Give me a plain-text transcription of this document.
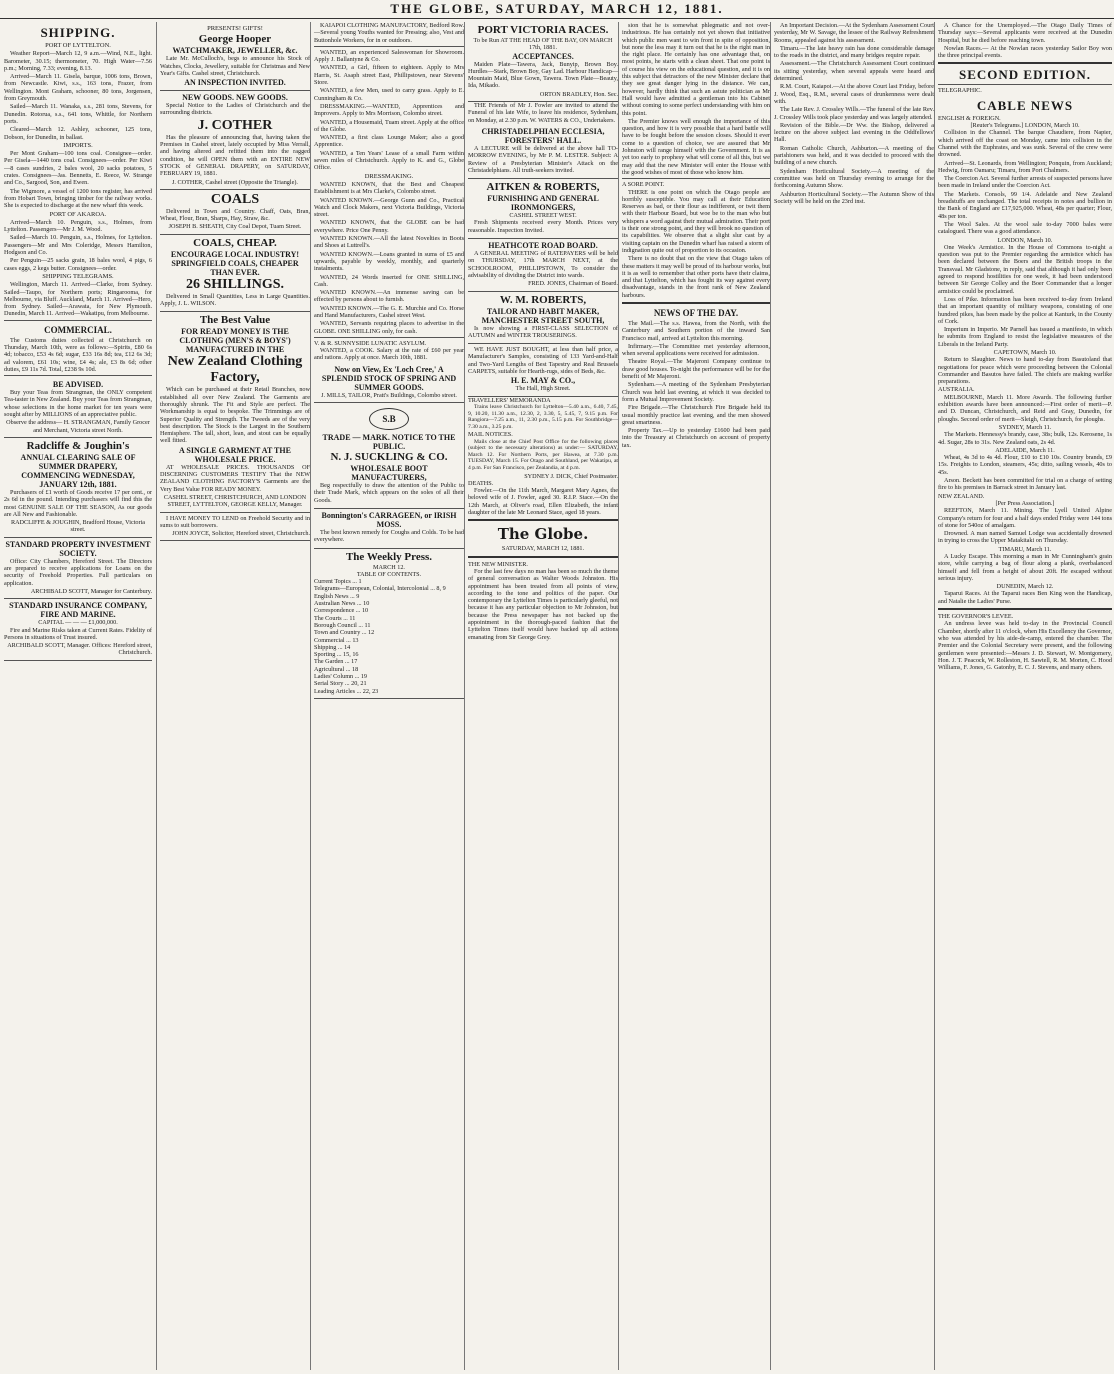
THE GLOBE, SATURDAY, MARCH 12, 1881.
SHIPPING.
PORT OF LYTTELTON.

Weather Report—March 12, 9 a.m.—Wind, N.E., light. Barometer, 30.15; thermometer, 70. High Water—7.56 p.m.; Morning, 7.33; evening, 8.13.

Arrived—March 11. Gisela, barque, 1006 tons, Brown, from Newcastle. Kiwi, s.s., 163 tons, Frazer, from Wellington. Mont Graham, schooner, 80 tons, Jorgensen, from Greymouth.

Sailed—March 11. Wanaka, s.s., 281 tons, Stevens, for Dunedin. Rotorua, s.s., 641 tons, Whittle, for Northern ports.

Cleared—March 12. Ashley, schooner, 125 tons, Dobson, for Dunedin, in ballast.

IMPORTS.

Per Mont Graham—100 tons coal. Consignee—order. Per Gisela—1440 tons coal. Consignees—order. Per Kiwi—8 cases sundries, 2 bales wool, 20 sacks potatoes, 5 crates. Consignees—Jas. Bennetts, E. Reece, W. Strange and Co., Sargood, Son, and Ewen.

The Wigmore, a vessel of 1200 tons register, has arrived from Hobart Town, bringing timber for the railway works. She is expected to discharge at the new wharf this week.

PORT OF AKAROA.

Arrived—March 10. Penguin, s.s., Holmes, from Lyttelton. Passengers—Mr J. M. Wood.

Sailed—March 10. Penguin, s.s., Holmes, for Lyttelton. Passengers—Mr and Mrs Coleridge, Messrs Hamilton, Hodgson and Co.

Per Penguin—25 sacks grain, 18 bales wool, 4 pigs, 6 cases eggs, 2 kegs butter. Consignees—order.

SHIPPING TELEGRAMS.

Wellington, March 11. Arrived—Clarke, from Sydney. Sailed—Taupo, for Northern ports; Ringarooma, for Melbourne, via Bluff. Auckland, March 11. Arrived—Hero, from Sydney. Sailed—Arawata, for New Plymouth. Dunedin, March 11. Arrived—Wakatipu, from Melbourne.

COMMERCIAL.

The Customs duties collected at Christchurch on Thursday, March 10th, were as follows:—Spirits, £80 6s 4d; tobacco, £53 4s 6d; sugar, £33 16s 8d; tea, £12 6s 3d; ad valorem, £61 10s; wine, £4 4s; ale, £3 8s 6d; other duties, £9 11s 7d. Total, £238 9s 10d.

BE ADVISED.

Buy your Teas from Strangman, the ONLY competent Tea-taster in New Zealand. Buy your Teas from Strangman, whose selections in the home market for ten years were sought after by MILLIONS of an appreciative public.

Observe the address— H. STRANGMAN, Family Grocer and Merchant, Victoria street North.
Radcliffe & Joughin's
ANNUAL CLEARING SALE OF SUMMER DRAPERY,
COMMENCING WEDNESDAY, JANUARY 12th, 1881.

Purchasers of £1 worth of Goods receive 17 per cent., or 2s 6d in the pound. Intending purchasers will find this the most GENUINE SALE OF THE SEASON, As our goods are All New and Fashionable.

RADCLIFFE & JOUGHIN, Bradford House, Victoria street.
STANDARD PROPERTY INVESTMENT SOCIETY.

Office: City Chambers, Hereford Street. The Directors are prepared to receive applications for Loans on the security of Freehold Properties. Full particulars on application.

ARCHIBALD SCOTT, Manager for Canterbury.
STANDARD INSURANCE COMPANY, FIRE AND MARINE.
CAPITAL — — — £1,000,000.

Fire and Marine Risks taken at Current Rates. Fidelity of Persons in situations of Trust insured.

ARCHIBALD SCOTT, Manager. Offices: Hereford street, Christchurch.
PRESENTS! GIFTS!
George Hooper
WATCHMAKER, JEWELLER, &c.

Late Mr. McCulloch's, begs to announce his Stock of Watches, Clocks, Jewellery, suitable for Christmas and New Year's Gifts. Cashel street, Christchurch.

AN INSPECTION INVITED.
NEW GOODS. NEW GOODS.

Special Notice to the Ladies of Christchurch and the surrounding districts.

J. COTHER

Has the pleasure of announcing that, having taken the Premises in Cashel street, lately occupied by Miss Verrall, and having altered and refitted them into the ragged condition, he will OPEN them with an ENTIRE NEW STOCK of GENERAL DRAPERY, on SATURDAY, FEBRUARY 19, 1881.

J. COTHER, Cashel street (Opposite the Triangle).
COALS

Delivered in Town and Country. Chaff, Oats, Bran, Wheat, Flour, Bran, Sharps, Hay, Straw, &c.

JOSEPH B. SHEATH, City Coal Depot, Tuam Street.
COALS, CHEAP.
ENCOURAGE LOCAL INDUSTRY! SPRINGFIELD COALS, CHEAPER THAN EVER.
26 SHILLINGS.

Delivered in Small Quantities, Less in Large Quantities. Apply, J. L. WILSON.

The Best Value
FOR READY MONEY IS THE CLOTHING (MEN'S & BOYS') MANUFACTURED IN THE
New Zealand Clothing Factory,

Which can be purchased at their Retail Branches, now established all over New Zealand. The Garments are thoroughly shrunk. The Fit and Style are perfect. The Workmanship is equal to bespoke. The Trimmings are of Superior Quality and Strength. The Tweeds are of the very best description. The Stock is the Largest in the Southern Hemisphere. The tall, short, lean, and stout can be equally well fitted.

A SINGLE GARMENT AT THE WHOLESALE PRICE.

AT WHOLESALE PRICES. THOUSANDS OF DISCERNING CUSTOMERS TESTIFY That the NEW ZEALAND CLOTHING FACTORY'S Garments are the Very Best Value FOR READY MONEY.

CASHEL STREET, CHRISTCHURCH, AND LONDON STREET, LYTTELTON, GEORGE KELLY, Manager.

I HAVE MONEY TO LEND on Freehold Security and in sums to suit borrowers.

JOHN JOYCE, Solicitor, Hereford street, Christchurch.

KAIAPOI CLOTHING MANUFACTORY, Bedford Row.—Several young Youths wanted for Pressing; also, Vest and Buttonhole Workers, for in or outdoors.

WANTED, an experienced Saleswoman for Showroom. Apply J. Ballantyne & Co.

WANTED, a Girl, fifteen to eighteen. Apply to Mrs Harris, St. Asaph street East, Phillipstown, near Stevens' Store.

WANTED, a few Men, used to carry grass. Apply to E. Cunningham & Co.

DRESSMAKING.—WANTED, Apprentices and Improvers. Apply to Mrs Morrison, Colombo street.

WANTED, a Housemaid, Tuam street. Apply at the office of the Globe.

WANTED, a first class Lounge Maker; also a good Apprentice.

WANTED, a Ten Years' Lease of a small Farm within seven miles of Christchurch. Apply to K. and G., Globe Office.

DRESSMAKING.

WANTED KNOWN, that the Best and Cheapest Establishment is at Mrs Clarke's, Colombo street.

WANTED KNOWN.—George Gunn and Co., Practical Watch and Clock Makers, next Victoria Buildings, Victoria street.

WANTED KNOWN, that the GLOBE can be had everywhere. Price One Penny.

WANTED KNOWN.—All the latest Novelties in Boots and Shoes at Luttrell's.

WANTED KNOWN.—Loans granted in sums of £5 and upwards, payable by weekly, monthly, and quarterly instalments.

WANTED, 24 Words inserted for ONE SHILLING, Cash.

WANTED KNOWN.—An immense saving can be effected by persons about to furnish.

WANTED KNOWN.—The G. E. Murchie and Co. Horse and Hand Manufacturers, Cashel street West.

WANTED, Servants requiring places to advertise in the GLOBE. ONE SHILLING only, for cash.

V. & R. SUNNYSIDE LUNATIC ASYLUM.

WANTED, a COOK. Salary at the rate of £60 per year and rations. Apply at once. March 10th, 1881.

Now on View, Ex 'Loch Cree,' A SPLENDID STOCK OF SPRING AND SUMMER GOODS.
J. MILLS, TAILOR, Pratt's Buildings, Colombo street.
S.B
TRADE — MARK. NOTICE TO THE PUBLIC.
N. J. SUCKLING & CO.
WHOLESALE BOOT MANUFACTURERS,

Beg respectfully to draw the attention of the Public to their Trade Mark, which appears on the soles of all their Goods.

Bonnington's CARRAGEEN, or IRISH MOSS.

The best known remedy for Coughs and Colds. To be had everywhere.

The Weekly Press.
MARCH 12.
TABLE OF CONTENTS.
Current Topics ... 1
Telegrams—European, Colonial, Intercolonial ... 8, 9
English News ... 9
Australian News ... 10
Correspondence ... 10
The Courts ... 11
Borough Council ... 11
Town and Country ... 12
Commercial ... 13
Shipping ... 14
Sporting ... 15, 16
The Garden ... 17
Agricultural ... 18
Ladies' Column ... 19
Serial Story ... 20, 21
Leading Articles ... 22, 23
PORT VICTORIA RACES.
To be Run AT THE HEAD OF THE BAY, ON MARCH 17th, 1881.
ACCEPTANCES.

Maiden Plate—Tawera, Jack, Bunyip, Brown Boy. Hurdles—Stark, Brown Boy, Gay Lad. Harbour Handicap—Mountain Maid, Blue Gown, Tawera. Town Plate—Beauty, Ida, Mikado.

ORTON BRADLEY, Hon. Sec.

THE Friends of Mr J. Fowler are invited to attend the Funeral of his late Wife, to leave his residence, Sydenham, on Monday, at 2.30 p.m. W. WATERS & CO., Undertakers.

CHRISTADELPHIAN ECCLESIA, FORESTERS' HALL.

A LECTURE will be delivered at the above hall TO-MORROW EVENING, by Mr P. M. LESTER. Subject: A Review of a Presbyterian Minister's Attack on the Christadelphians. All truth-seekers invited.

AITKEN & ROBERTS,
FURNISHING AND GENERAL IRONMONGERS,
CASHEL STREET WEST.

Fresh Shipments received every Month. Prices very reasonable. Inspection Invited.

HEATHCOTE ROAD BOARD.

A GENERAL MEETING of RATEPAYERS will be held on THURSDAY, 17th MARCH NEXT, at the SCHOOLROOM, PHILLIPSTOWN, To consider the advisability of dividing the District into wards.

FRED. JONES, Chairman of Board.
W. M. ROBERTS,
TAILOR AND HABIT MAKER, MANCHESTER STREET SOUTH,

Is now showing a FIRST-CLASS SELECTION of AUTUMN and WINTER TROUSERINGS.

WE HAVE JUST BOUGHT, at less than half price, a Manufacturer's Samples, consisting of 133 Yard-and-Half and Two-Yard Lengths of Best Tapestry and Real Brussels CARPETS, suitable for Hearth-rugs, sides of Beds, &c.

H. E. MAY & CO.,
The Hall, High Street.
TRAVELLERS' MEMORANDA

Trains leave Christchurch for Lyttelton—5.40 a.m., 6.40, 7.45, 9, 10.20, 11.30 a.m., 12.30, 2, 3.30, 5, 5.45, 7, 9.15 p.m. For Rangiora—7.25 a.m., 11, 2.30 p.m., 5.15 p.m. For Southbridge—7.30 a.m., 3.25 p.m.

MAIL NOTICES.

Mails close at the Chief Post Office for the following places (subject to the necessary alterations) as under:— SATURDAY, March 12. For Northern Ports, per Hawea, at 7.30 p.m. TUESDAY, March 15. For Otago and Southland, per Wakatipu, at 4 p.m. For San Francisco, per Zealandia, at 4 p.m.

SYDNEY J. DICK, Chief Postmaster.
DEATHS.

Fowler.—On the 11th March, Margaret Mary Agnes, the beloved wife of J. Fowler, aged 30. R.I.P. Stace.—On the 12th March, at Oliver's road, Ellen Elizabeth, the infant daughter of the late Mr Leonard Stace, aged 18 years.

The Globe.
SATURDAY, MARCH 12, 1881.
THE NEW MINISTER.

For the last few days no man has been so much the theme of general conversation as Walter Woods Johnston. His appointment has been treated from all points of view, according to the tone and politics of the paper. Our contemporary the Lyttelton Times is particularly gleeful, not because it has any particular objection to Mr Johnston, but because the Press newspaper has not backed up the appointment in the thorough-paced fashion that the Lyttelton Times itself would have backed up all actions emanating from Sir George Grey.

sion that he is somewhat phlegmatic and not over-industrious. He has certainly not yet shown that initiative which public men want to win front in spite of opposition, but none the less may it turn out that he is the right man in the right place. He certainly has one advantage that, on most points, he starts with a clean sheet. That one point is of course his view on the educational question, and it is on this subject that detractors of the new Minister declare that they see great danger lying in the distance. We can, however, hardly think that such an astute politician as Mr Hall would have admitted a gentleman into his Cabinet without coming to some perfect understanding with him on this point.

The Premier knows well enough the importance of this question, and how it is very possible that a hard battle will have to be fought before the session closes. Should it ever come to a question of choice, we are assured that Mr Johnston will range himself with the Government. It is as yet too early to prophesy what will come of all this, but we may add that the new Minister will enter the House with the good wishes of most of those who know him.

A SORE POINT.

THERE is one point on which the Otago people are horribly susceptible. You may call at their Education Reserves as bad, or their flour as indifferent, or twit them with their Harbour Board, but woe be to the man who but whispers a word against their mutual admiration. Their port is their one strong point, and they will brook no question of its capabilities. We observe that a slight slur cast by a visiting captain on the Dunedin wharf has raised a storm of indignation quite out of proportion to its occasion.

There is no doubt that on the view that Otago takes of these matters it may well be proud of its harbour works, but it is as well to remember that other ports have their claims, and that Lyttelton, which has fought its way against every disadvantage, stands in the front rank of New Zealand harbours.

NEWS OF THE DAY.

The Mail.—The s.s. Hawea, from the North, with the Canterbury and Southern portion of the inward San Francisco mail, arrived at Lyttelton this morning.

Infirmary.—The Committee met yesterday afternoon, when several applications were received for admission.

Theatre Royal.—The Majeroni Company continue to draw good houses. To-night the performance will be for the benefit of Mr Majeroni.

Sydenham.—A meeting of the Sydenham Presbyterian Church was held last evening, at which it was decided to form a Mutual Improvement Society.

Fire Brigade.—The Christchurch Fire Brigade held its usual monthly practice last evening, and the men showed great smartness.

Property Tax.—Up to yesterday £1600 had been paid into the Treasury at Christchurch on account of property tax.

An Important Decision.—At the Sydenham Assessment Court yesterday, Mr W. Savage, the lessee of the Railway Refreshment Rooms, appealed against his assessment.

Timaru.—The late heavy rain has done considerable damage to the roads in the district, and many bridges require repair.

Assessment.—The Christchurch Assessment Court continued its sitting yesterday, when several appeals were heard and determined.

R.M. Court, Kaiapoi.—At the above Court last Friday, before J. Wood, Esq., R.M., several cases of drunkenness were dealt with.

The Late Rev. J. Crossley Wills.—The funeral of the late Rev. J. Crossley Wills took place yesterday and was largely attended.

Revision of the Bible.—Dr Ww. the Bishop, delivered a lecture on the above subject last evening in the Oddfellows' Hall.

Roman Catholic Church, Ashburton.—A meeting of the parishioners was held, and it was decided to proceed with the building of a new church.

Sydenham Horticultural Society.—A meeting of the committee was held on Thursday evening to arrange for the forthcoming Autumn Show.

Ashburton Horticultural Society.—The Autumn Show of this Society will be held on the 23rd inst.

A Chance for the Unemployed.—The Otago Daily Times of Thursday says:—Several applicants were received at the Dunedin Hospital, but he died before reaching town.

Nowlan Races.— At the Nowlan races yesterday Sailor Boy won the three principal events.

SECOND EDITION.
TELEGRAPHIC.
CABLE NEWS
ENGLISH & FOREIGN.
[Reuter's Telegrams.] LONDON, March 10.

Collision in the Channel. The barque Chaudiere, from Napier, which arrived off the coast on Monday, came into collision in the Channel with the Euphrates, and was sunk. Several of the crew were drowned.

Arrived—St. Leonards, from Wellington; Ponquin, from Auckland; Hedwig, from Oamaru; Timaru, from Port Chalmers.

The Coercion Act. Several further arrests of suspected persons have been made in Ireland under the Coercion Act.

The Markets. Consols, 99 1/4. Adelaide and New Zealand breadstuffs are unchanged. The total receipts in notes and bullion in the Bank of England are £17,925,000. Wheat, 48s per quarter; Flour, 48s per ton.

The Wool Sales. At the wool sale to-day 7000 bales were catalogued. There was a good attendance.

LONDON, March 10.

One Week's Armistice. In the House of Commons to-night a question was put to the Premier regarding the armistice which has been declared between the Boers and the British troops in the Transvaal. Mr Gladstone, in reply, said that although it had only been agreed to respond hostilities for one week, it had been understood between Sir George Colley and the Boer Commander that a longer armistice could be proclaimed.

Loss of Pike. Information has been received to-day from Ireland that an important quantity of military weapons, consisting of one hundred pikes, has been made by the police at Kanturk, in the County of Cork.

Imperium in Imperio. Mr Parnell has issued a manifesto, in which he submits from England to resist the legislative measures of the Liberals in the Ireland Party.

CAPETOWN, March 10.

Return to Slaughter. News to hand to-day from Basutoland that negotiations for peace which were proceeding between the Colonial Commander and Basutos have failed. The chiefs are making warlike preparations.

AUSTRALIA.

MELBOURNE, March 11. More Awards. The following further exhibition awards have been announced:—First order of merit—P. and D. Duncan, Christchurch, and Reid and Gray, Dunedin, for ploughs. Second order of merit—Sleigh, Christchurch, for ploughs.

SYDNEY, March 11.

The Markets. Hennessy's brandy, case, 38s; bulk, 12s. Kerosene, 1s 4d. Sugar, 28s to 31s. New Zealand oats, 2s 4d.

ADELAIDE, March 11.

Wheat, 4s 3d to 4s 4d. Flour, £10 to £10 10s. Country brands, £9 15s. Freights to London, steamers, 45s; ditto, sailing vessels, 40s to 45s.

Arson. Beckett has been committed for trial on a charge of setting fire to his premises in Barrack street in January last.

NEW ZEALAND.
[Per Press Association.]

REEFTON, March 11. Mining. The Lyell United Alpine Company's return for four and a half days ended Friday were 144 tons of stone for 540oz of amalgam.

Drowned. A man named Samuel Lodge was accidentally drowned in trying to cross the Upper Matakitaki on Thursday.

TIMARU, March 11.

A Lucky Escape. This morning a man in Mr Cunningham's grain store, while carrying a bag of flour along a plank, overbalanced himself and fell from a height of about 20ft. He escaped without serious injury.

DUNEDIN, March 12.

Taparui Races. At the Taparui races Ben King won the Handicap, and Natalie the Ladies' Purse.

THE GOVERNOR'S LEVEE.

An undress levee was held to-day in the Provincial Council Chamber, shortly after 11 o'clock, when His Excellency the Governor, who was attended by his aide-de-camp, entered the chamber. The Premier and the Colonial Secretary were present, and the following gentlemen were presented:—Messrs J. D. Stewart, W. Montgomery, Hon. J. T. Peacock, W. Rolleston, H. Sawtell, R. M. Morten, C. Hood Williams, F. Jones, G. Gatonby, E. C. J. Stevens, and many others.
